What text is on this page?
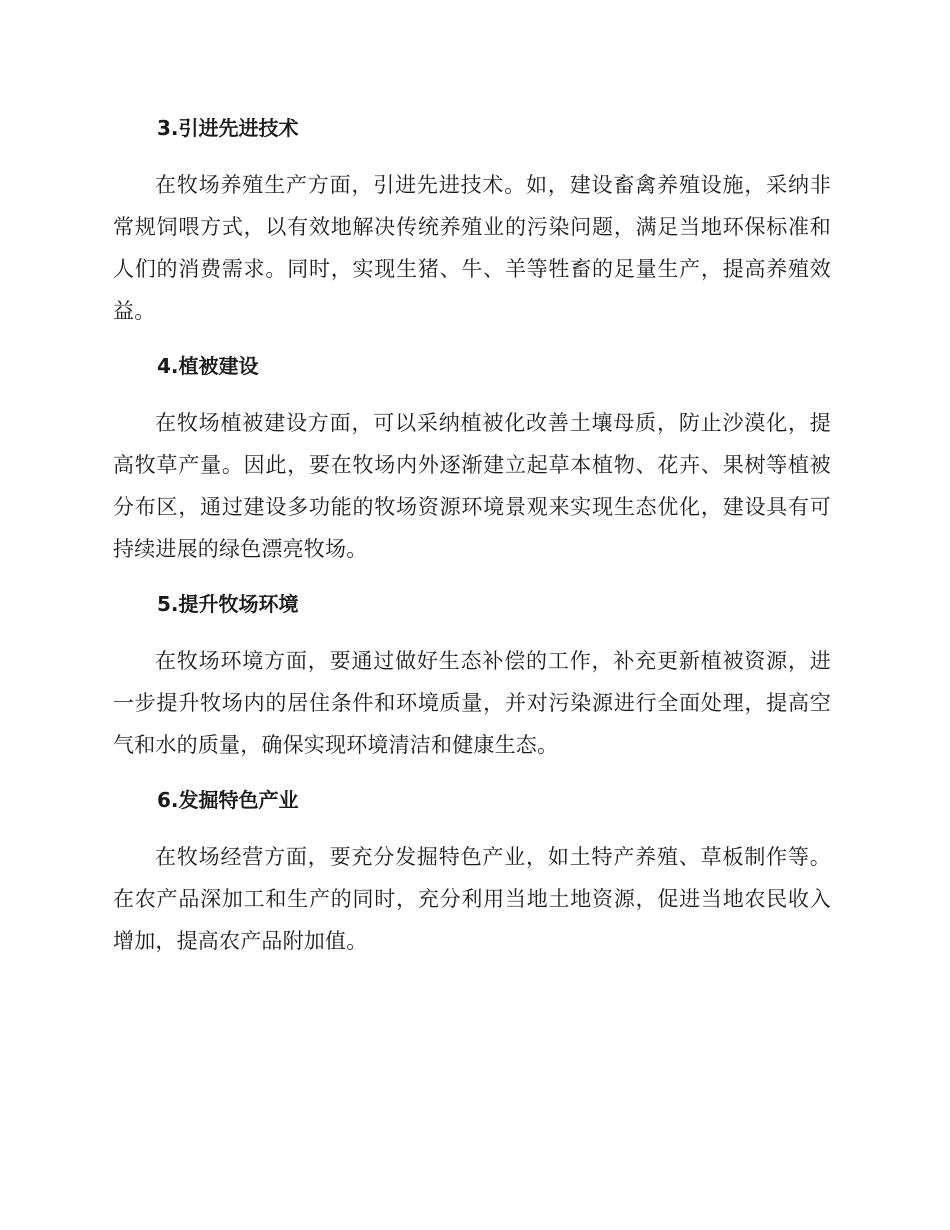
3.引进先进技术

在牧场养殖生产方面，引进先进技术。如，建设畜禽养殖设施，采纳非常规饲喂方式，以有效地解决传统养殖业的污染问题，满足当地环保标准和人们的消费需求。同时，实现生猪、牛、羊等牲畜的足量生产，提高养殖效益。

4.植被建设

在牧场植被建设方面，可以采纳植被化改善土壤母质，防止沙漠化，提高牧草产量。因此，要在牧场内外逐渐建立起草本植物、花卉、果树等植被分布区，通过建设多功能的牧场资源环境景观来实现生态优化，建设具有可持续进展的绿色漂亮牧场。

5.提升牧场环境

在牧场环境方面，要通过做好生态补偿的工作，补充更新植被资源，进一步提升牧场内的居住条件和环境质量，并对污染源进行全面处理，提高空气和水的质量，确保实现环境清洁和健康生态。

6.发掘特色产业

在牧场经营方面，要充分发掘特色产业，如土特产养殖、草板制作等。在农产品深加工和生产的同时，充分利用当地土地资源，促进当地农民收入增加，提高农产品附加值。
